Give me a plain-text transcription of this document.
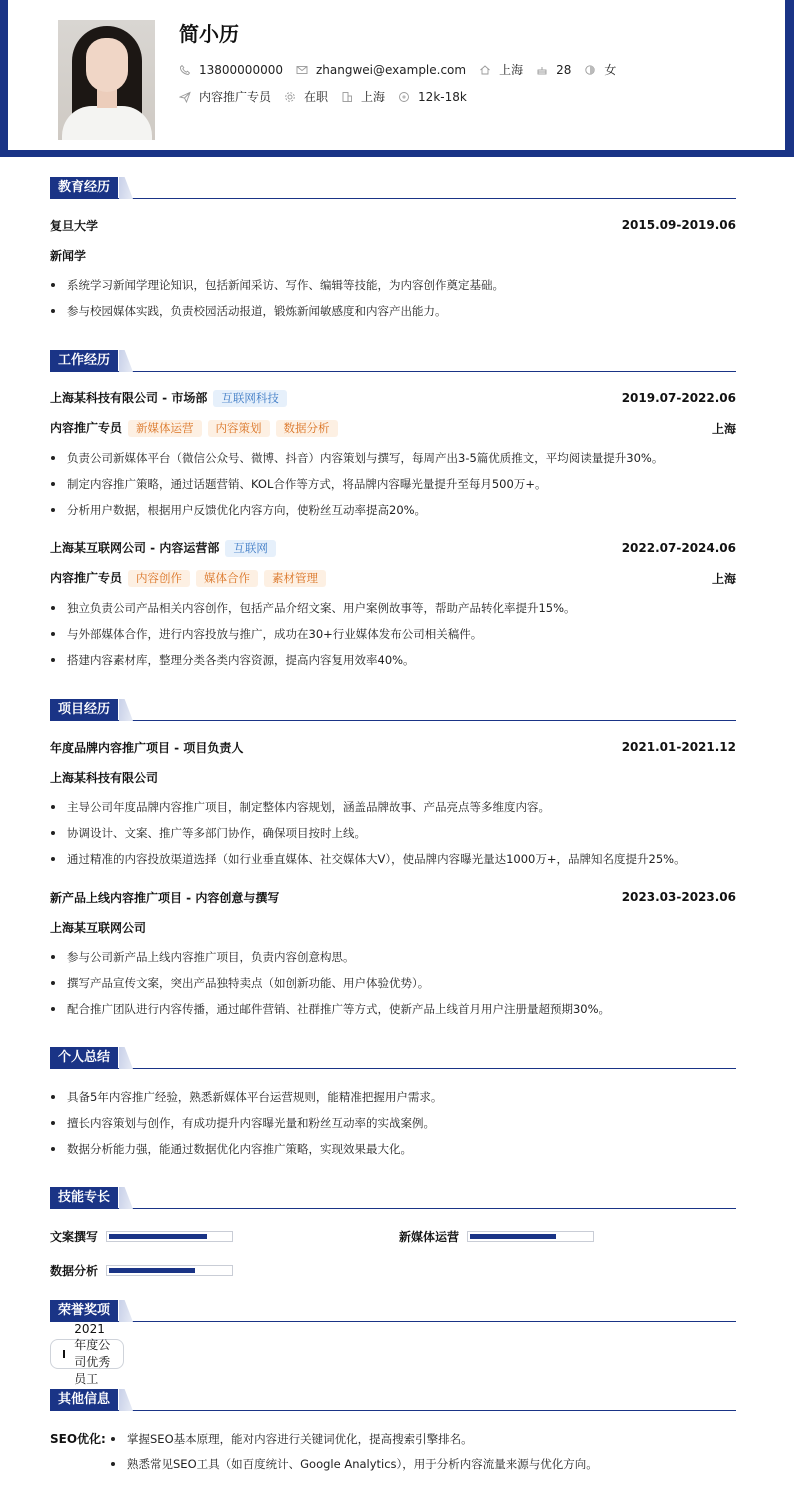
简小历
13800000000	zhangwei@example.com	上海	28	女
内容推广专员	在职	上海	12k-18k
教育经历
复旦大学	2015.09-2019.06
新闻学
系统学习新闻学理论知识，包括新闻采访、写作、编辑等技能，为内容创作奠定基础。
参与校园媒体实践，负责校园活动报道，锻炼新闻敏感度和内容产出能力。
工作经历
上海某科技有限公司 - 市场部 互联网科技	2019.07-2022.06
内容推广专员 新媒体运营 内容策划 数据分析	上海
负责公司新媒体平台（微信公众号、微博、抖音）内容策划与撰写，每周产出3-5篇优质推文，平均阅读量提升30%。
制定内容推广策略，通过话题营销、KOL合作等方式，将品牌内容曝光量提升至每月500万+。
分析用户数据，根据用户反馈优化内容方向，使粉丝互动率提高20%。
上海某互联网公司 - 内容运营部 互联网	2022.07-2024.06
内容推广专员 内容创作 媒体合作 素材管理	上海
独立负责公司产品相关内容创作，包括产品介绍文案、用户案例故事等，帮助产品转化率提升15%。
与外部媒体合作，进行内容投放与推广，成功在30+行业媒体发布公司相关稿件。
搭建内容素材库，整理分类各类内容资源，提高内容复用效率40%。
项目经历
年度品牌内容推广项目 - 项目负责人	2021.01-2021.12
上海某科技有限公司
主导公司年度品牌内容推广项目，制定整体内容规划，涵盖品牌故事、产品亮点等多维度内容。
协调设计、文案、推广等多部门协作，确保项目按时上线。
通过精准的内容投放渠道选择（如行业垂直媒体、社交媒体大V），使品牌内容曝光量达1000万+，品牌知名度提升25%。
新产品上线内容推广项目 - 内容创意与撰写	2023.03-2023.06
上海某互联网公司
参与公司新产品上线内容推广项目，负责内容创意构思。
撰写产品宣传文案，突出产品独特卖点（如创新功能、用户体验优势）。
配合推广团队进行内容传播，通过邮件营销、社群推广等方式，使新产品上线首月用户注册量超预期30%。
个人总结
具备5年内容推广经验，熟悉新媒体平台运营规则，能精准把握用户需求。
擅长内容策划与创作，有成功提升内容曝光量和粉丝互动率的实战案例。
数据分析能力强，能通过数据优化内容推广策略，实现效果最大化。
技能专长
文案撰写	新媒体运营
数据分析
荣誉奖项
2021年度公司优秀员工
其他信息
SEO优化:	掌握SEO基本原理，能对内容进行关键词优化，提高搜索引擎排名。
熟悉常见SEO工具（如百度统计、Google Analytics），用于分析内容流量来源与优化方向。
